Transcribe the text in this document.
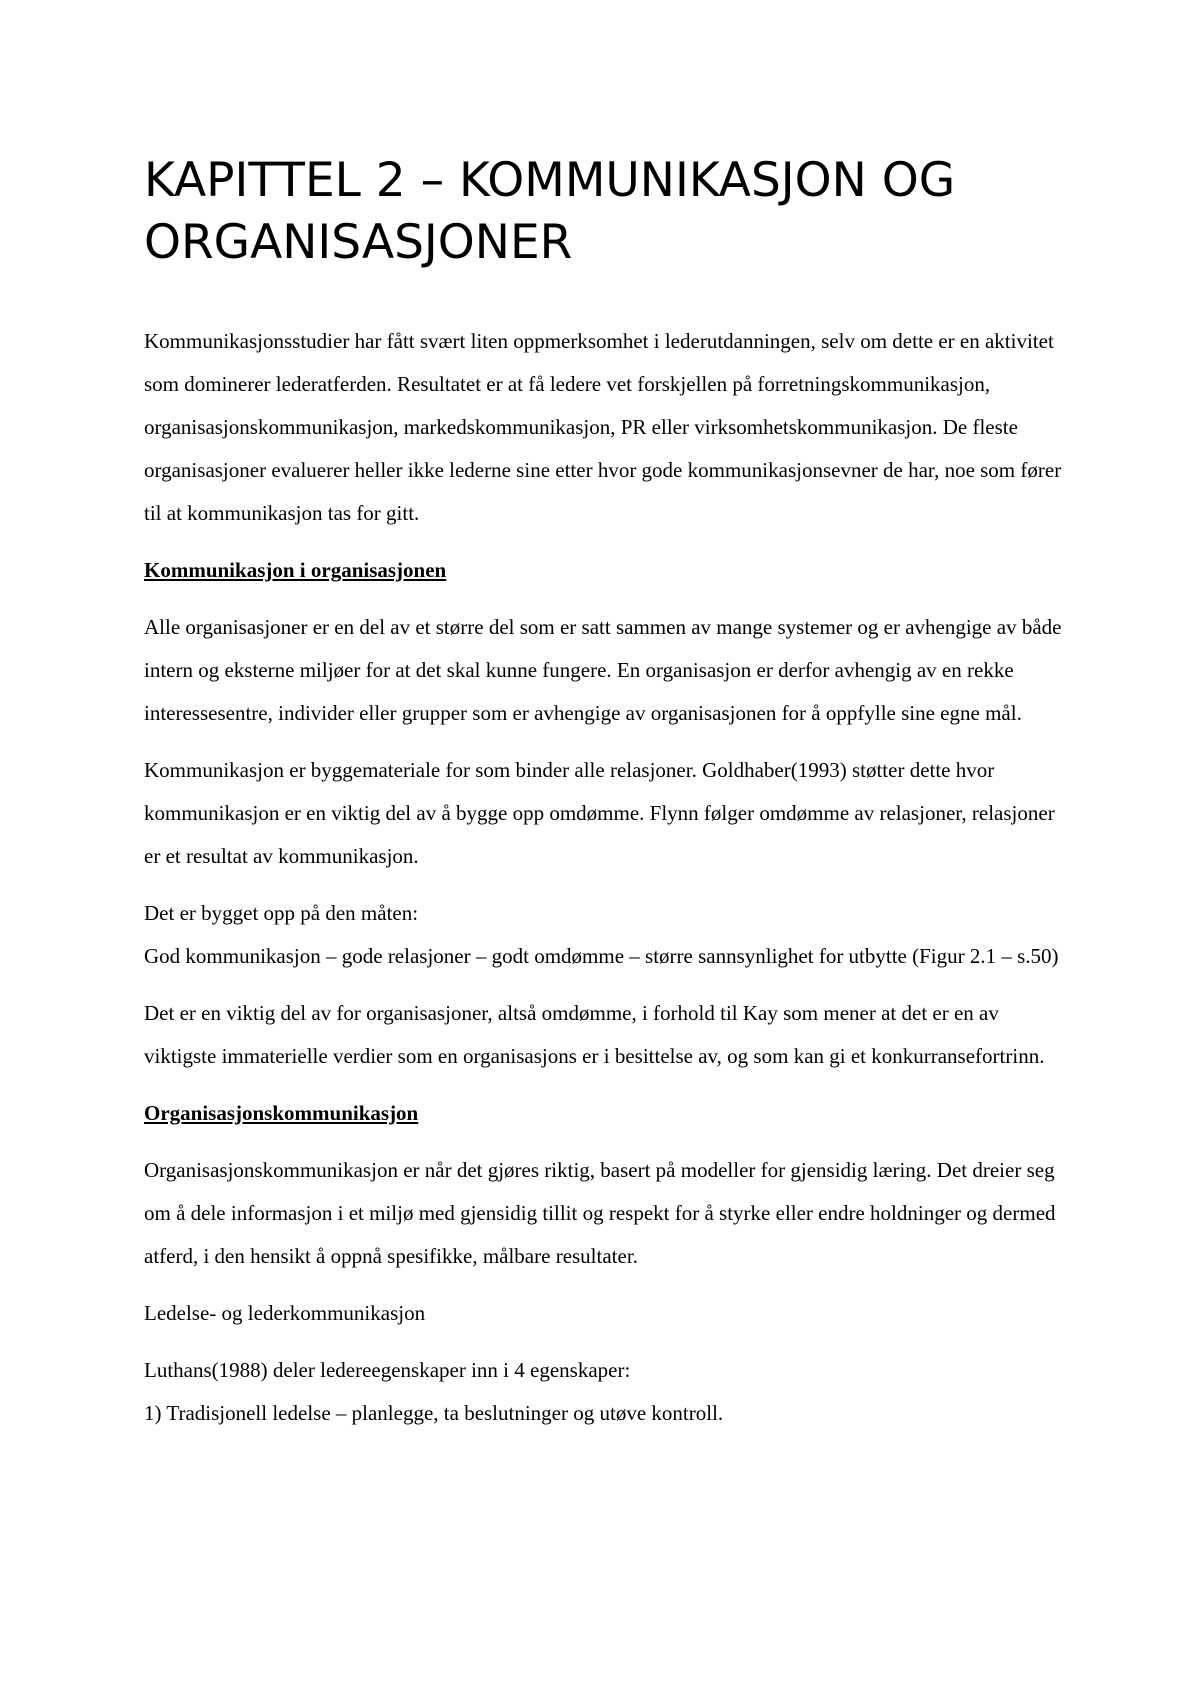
KAPITTEL 2 – KOMMUNIKASJON OG ORGANISASJONER

Kommunikasjonsstudier har fått svært liten oppmerksomhet i lederutdanningen, selv om dette er en aktivitet som dominerer lederatferden. Resultatet er at få ledere vet forskjellen på forretningskommunikasjon, organisasjonskommunikasjon, markedskommunikasjon, PR eller virksomhetskommunikasjon. De fleste organisasjoner evaluerer heller ikke lederne sine etter hvor gode kommunikasjonsevner de har, noe som fører til at kommunikasjon tas for gitt.

Kommunikasjon i organisasjonen

Alle organisasjoner er en del av et større del som er satt sammen av mange systemer og er avhengige av både intern og eksterne miljøer for at det skal kunne fungere. En organisasjon er derfor avhengig av en rekke interessesentre, individer eller grupper som er avhengige av organisasjonen for å oppfylle sine egne mål.

Kommunikasjon er byggemateriale for som binder alle relasjoner. Goldhaber(1993) støtter dette hvor kommunikasjon er en viktig del av å bygge opp omdømme. Flynn følger omdømme av relasjoner, relasjoner er et resultat av kommunikasjon.

Det er bygget opp på den måten:
God kommunikasjon – gode relasjoner – godt omdømme – større sannsynlighet for utbytte (Figur 2.1 – s.50)

Det er en viktig del av for organisasjoner, altså omdømme, i forhold til Kay som mener at det er en av viktigste immaterielle verdier som en organisasjons er i besittelse av, og som kan gi et konkurransefortrinn.

Organisasjonskommunikasjon

Organisasjonskommunikasjon er når det gjøres riktig, basert på modeller for gjensidig læring. Det dreier seg om å dele informasjon i et miljø med gjensidig tillit og respekt for å styrke eller endre holdninger og dermed atferd, i den hensikt å oppnå spesifikke, målbare resultater.

Ledelse- og lederkommunikasjon

Luthans(1988) deler ledereegenskaper inn i 4 egenskaper:
1) Tradisjonell ledelse – planlegge, ta beslutninger og utøve kontroll.
